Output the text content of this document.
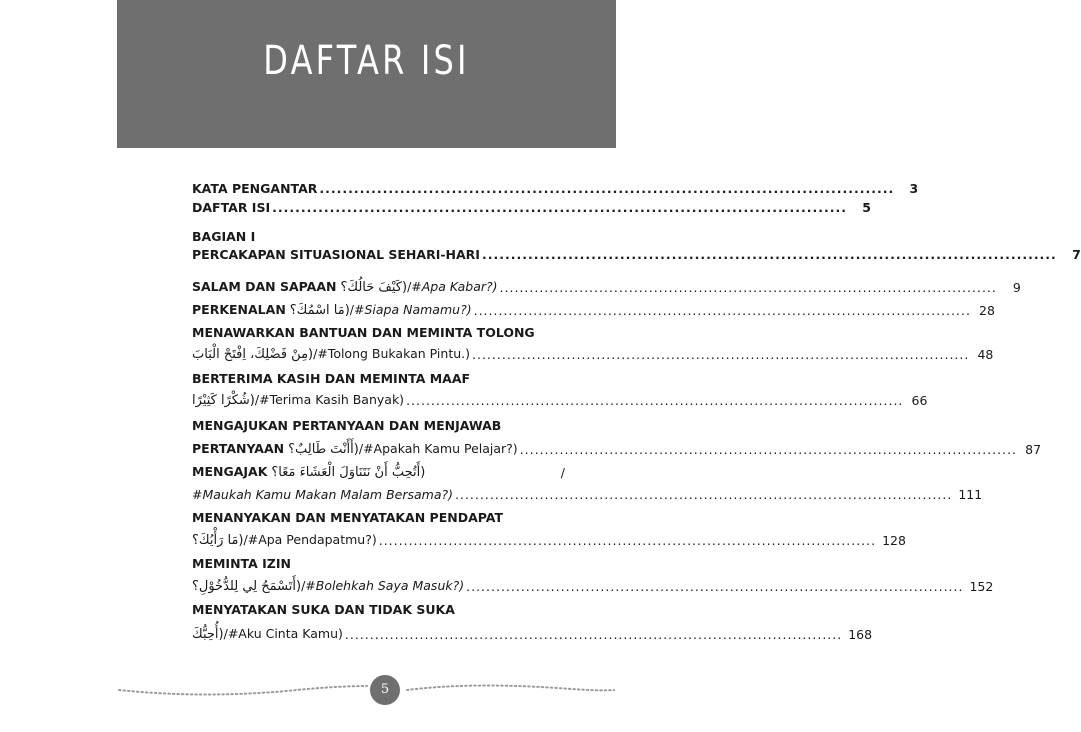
DAFTAR ISI
KATA PENGANTAR ....................................................................................................	3
DAFTAR ISI ....................................................................................................	5
BAGIAN I
PERCAKAPAN SITUASIONAL SEHARI-HARI ....................................................................................................	7
SALAM DAN SAPAAN (كَيْفَ حَالُكَ؟/#Apa Kabar?) ....................................................................................................	9
PERKENALAN (مَا اسْمُكَ؟/#Siapa Namamu?) .................................................................................................... 28
MENAWARKAN BANTUAN DAN MEMINTA TOLONG
(مِنْ فَضْلِكَ، اِفْتَحْ الْبَابَ/#Tolong Bukakan Pintu.) .................................................................................................... 48
BERTERIMA KASIH DAN MEMINTA MAAF
(شُكْرًا كَثِيْرًا/#Terima Kasih Banyak) .................................................................................................... 66
MENGAJUKAN PERTANYAAN DAN MENJAWAB
PERTANYAAN (أَأَنْتَ طَالِبٌ؟/#Apakah Kamu Pelajar?) .................................................................................................... 87
MENGAJAK (أَتُحِبُّ أَنْ نَتَنَاوَلَ الْعَشَاءَ مَعًا؟	/
#Maukah Kamu Makan Malam Bersama?) .................................................................................................... 111
MENANYAKAN DAN MENYATAKAN PENDAPAT
(مَا رَأْيُكَ؟/#Apa Pendapatmu?) .................................................................................................... 128
MEMINTA IZIN
(أَتَسْمَحُ لِي لِلدُّخُوْلِ؟/#Bolehkah Saya Masuk?) .................................................................................................... 152
MENYATAKAN SUKA DAN TIDAK SUKA
(أُحِبُّكَ/#Aku Cinta Kamu) .................................................................................................... 168
5
